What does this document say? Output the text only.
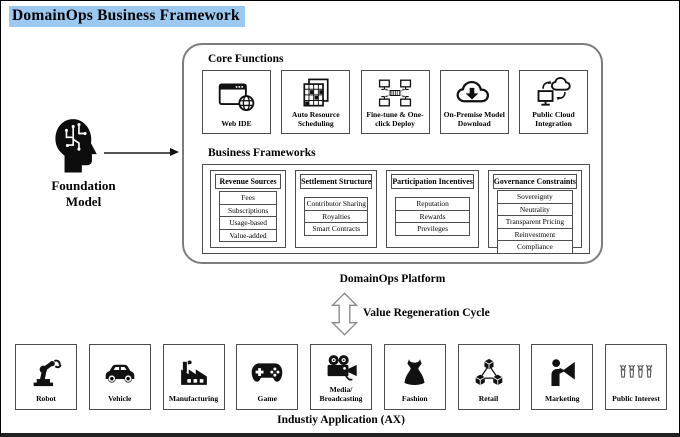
DomainOps Business Framework
Foundation Model
Core Functions
Web IDE
Auto Resource Scheduling
Fine-tune & One-click Deploy
On-Premise Model Download
Public Cloud Integration
Business Frameworks
Revenue Sources
Fees
Subscriptions
Usage-based
Value-added
Settlement Structure
Contributor Sharing
Royalties
Smart Contracts
Participation Incentives
Reputation
Rewards
Previleges
Governance Constraints
Sovereignty
Neutrality
Transparent Pricing
Reinvestment
Compliance
DomainOps Platform
Value Regeneration Cycle
Robot	Vehicle	Manufacturing	Game
Media/ Broadcasting	Fashion	Retail	Marketing	Public Interest
Industiy Application (AX)
